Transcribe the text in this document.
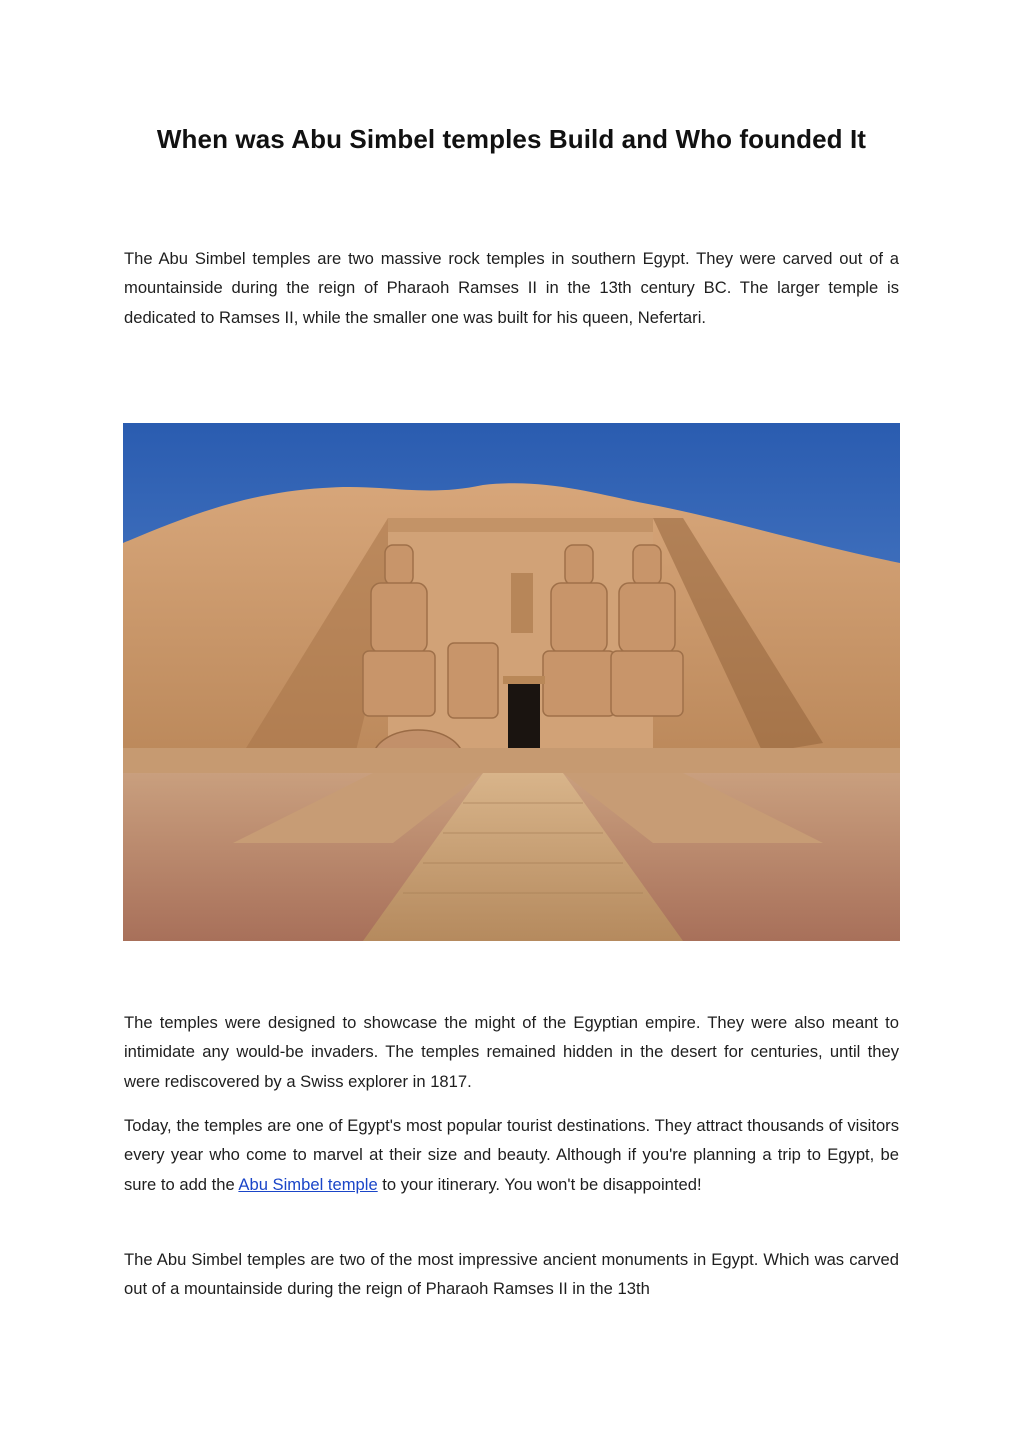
When was Abu Simbel temples Build and Who founded It

The Abu Simbel temples are two massive rock temples in southern Egypt. They were carved out of a mountainside during the reign of Pharaoh Ramses II in the 13th century BC. The larger temple is dedicated to Ramses II, while the smaller one was built for his queen, Nefertari.

The temples were designed to showcase the might of the Egyptian empire. They were also meant to intimidate any would-be invaders. The temples remained hidden in the desert for centuries, until they were rediscovered by a Swiss explorer in 1817.

Today, the temples are one of Egypt's most popular tourist destinations. They attract thousands of visitors every year who come to marvel at their size and beauty. Although if you're planning a trip to Egypt, be sure to add the Abu Simbel temple to your itinerary. You won't be disappointed!

The Abu Simbel temples are two of the most impressive ancient monuments in Egypt. Which was carved out of a mountainside during the reign of Pharaoh Ramses II in the 13th
